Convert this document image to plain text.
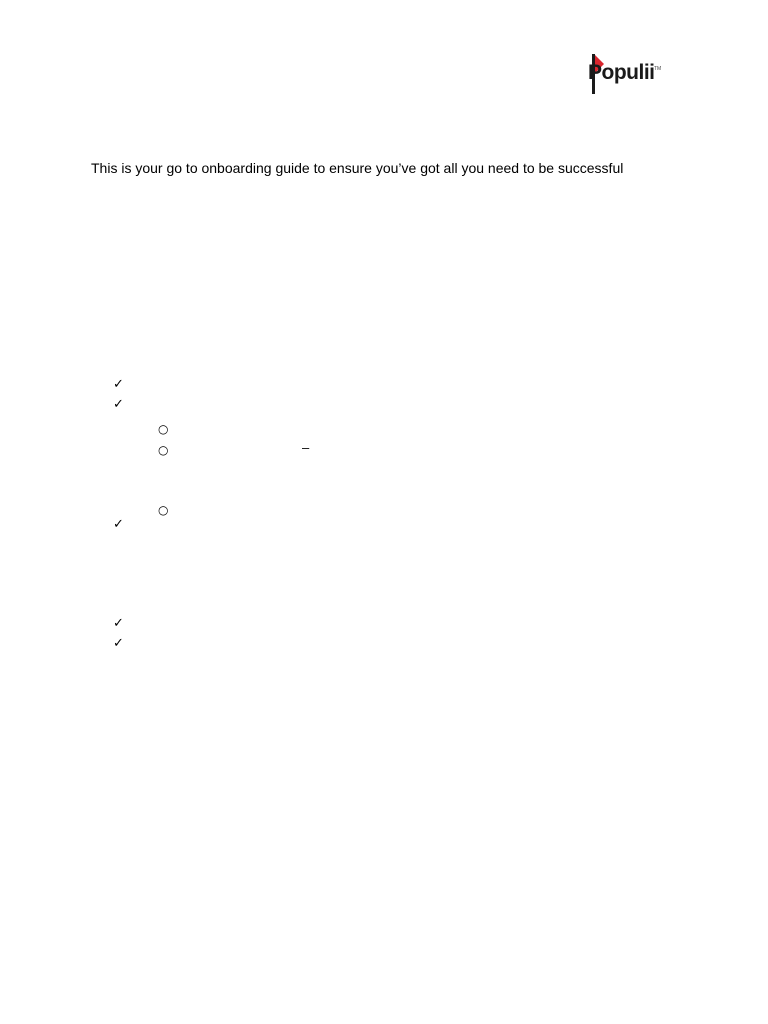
Populii TM
This is your go to onboarding guide to ensure you’ve got all you need to be successful
✓
✓
○
○	–
○
✓
✓
✓
